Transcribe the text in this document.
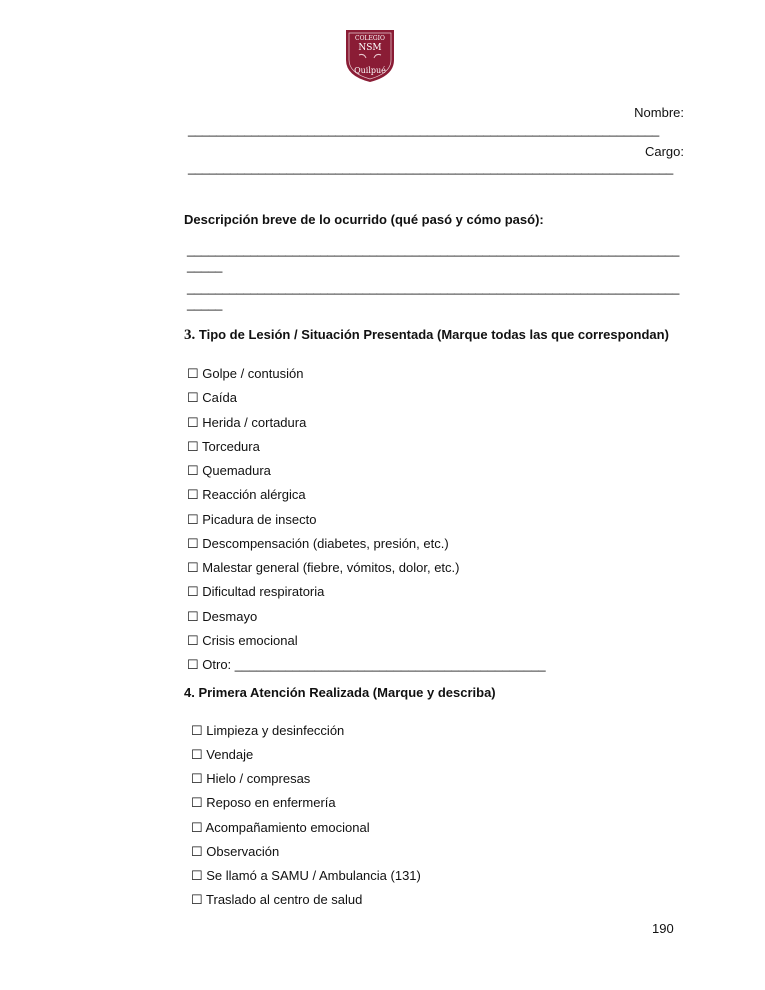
COLEGIO
NSM
Quilpué
Nombre:
___________________________________________________________________
Cargo:
_____________________________________________________________________
Descripción breve de lo ocurrido (qué pasó y cómo pasó):
______________________________________________________________________
_____
______________________________________________________________________
_____
3. Tipo de Lesión / Situación Presentada (Marque todas las que correspondan)
☐ Golpe / contusión
☐ Caída
☐ Herida / cortadura
☐ Torcedura
☐ Quemadura
☐ Reacción alérgica
☐ Picadura de insecto
☐ Descompensación (diabetes, presión, etc.)
☐ Malestar general (fiebre, vómitos, dolor, etc.)
☐ Dificultad respiratoria
☐ Desmayo
☐ Crisis emocional
☐ Otro: ___________________________________________
4. Primera Atención Realizada (Marque y describa)
☐ Limpieza y desinfección
☐ Vendaje
☐ Hielo / compresas
☐ Reposo en enfermería
☐ Acompañamiento emocional
☐ Observación
☐ Se llamó a SAMU / Ambulancia (131)
☐ Traslado al centro de salud
190
